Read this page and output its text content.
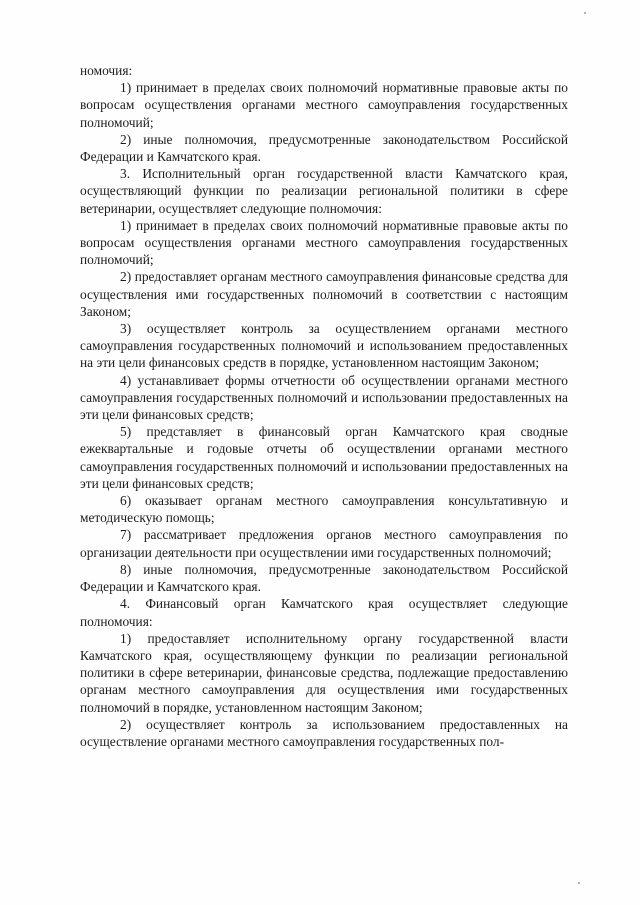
номочия:

1) принимает в пределах своих полномочий нормативные правовые акты по вопросам осуществления органами местного самоуправления государственных полномочий;

2) иные полномочия, предусмотренные законодательством Российской Федерации и Камчатского края.

3. Исполнительный орган государственной власти Камчатского края, осуществляющий функции по реализации региональной политики в сфере ветеринарии, осуществляет следующие полномочия:

1) принимает в пределах своих полномочий нормативные правовые акты по вопросам осуществления органами местного самоуправления государственных полномочий;

2) предоставляет органам местного самоуправления финансовые средства для осуществления ими государственных полномочий в соответствии с настоящим Законом;

3) осуществляет контроль за осуществлением органами местного самоуправления государственных полномочий и использованием предоставленных на эти цели финансовых средств в порядке, установленном настоящим Законом;

4) устанавливает формы отчетности об осуществлении органами местного самоуправления государственных полномочий и использовании предоставленных на эти цели финансовых средств;

5) представляет в финансовый орган Камчатского края сводные ежеквартальные и годовые отчеты об осуществлении органами местного самоуправления государственных полномочий и использовании предоставленных на эти цели финансовых средств;

6) оказывает органам местного самоуправления консультативную и методическую помощь;

7) рассматривает предложения органов местного самоуправления по организации деятельности при осуществлении ими государственных полномочий;

8) иные полномочия, предусмотренные законодательством Российской Федерации и Камчатского края.

4. Финансовый орган Камчатского края осуществляет следующие полномочия:

1) предоставляет исполнительному органу государственной власти Камчатского края, осуществляющему функции по реализации региональной политики в сфере ветеринарии, финансовые средства, подлежащие предоставлению органам местного самоуправления для осуществления ими государственных полномочий в порядке, установленном настоящим Законом;

2) осуществляет контроль за использованием предоставленных на осуществление органами местного самоуправления государственных пол-
